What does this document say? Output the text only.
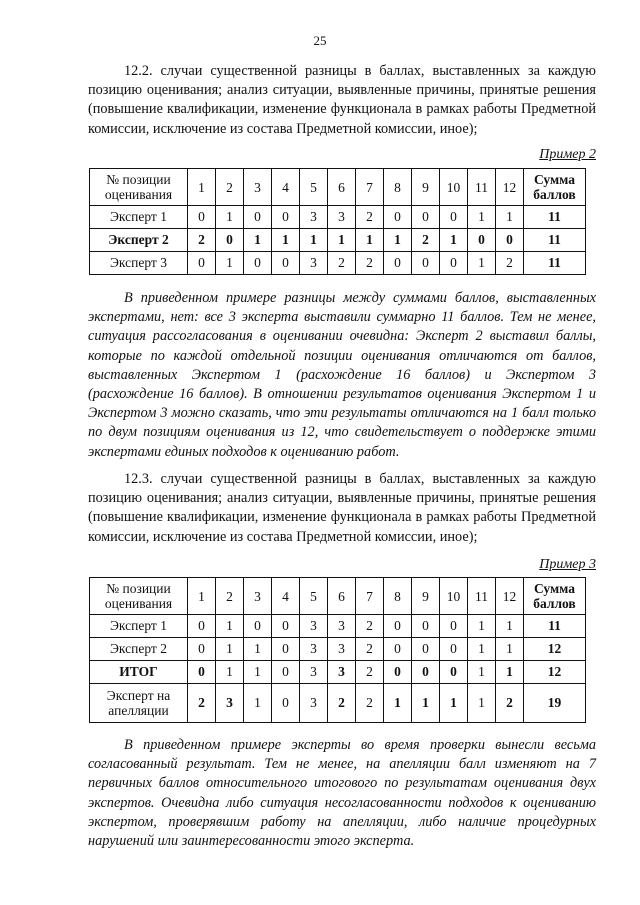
25

12.2. случаи существенной разницы в баллах, выставленных за каждую позицию оценивания; анализ ситуации, выявленные причины, принятые решения (повышение квалификации, изменение функционала в рамках работы Предметной комиссии, исключение из состава Предметной комиссии, иное);

Пример 2
№ позиции оценивания	1	2	3	4	5	6	7	8	9	10	11	12	Сумма баллов
Эксперт 1	0	1	0	0	3	3	2	0	0	0	1	1	11
Эксперт 2	2	0	1	1	1	1	1	1	2	1	0	0	11
Эксперт 3	0	1	0	0	3	2	2	0	0	0	1	2	11

В приведенном примере разницы между суммами баллов, выставленных экспертами, нет: все 3 эксперта выставили суммарно 11 баллов. Тем не менее, ситуация рассогласования в оценивании очевидна: Эксперт 2 выставил баллы, которые по каждой отдельной позиции оценивания отличаются от баллов, выставленных Экспертом 1 (расхождение 16 баллов) и Экспертом 3 (расхождение 16 баллов). В отношении результатов оценивания Экспертом 1 и Экспертом 3 можно сказать, что эти результаты отличаются на 1 балл только по двум позициям оценивания из 12, что свидетельствует о поддержке этими экспертами единых подходов к оцениванию работ.

12.3. случаи существенной разницы в баллах, выставленных за каждую позицию оценивания; анализ ситуации, выявленные причины, принятые решения (повышение квалификации, изменение функционала в рамках работы Предметной комиссии, исключение из состава Предметной комиссии, иное);

Пример 3
№ позиции оценивания	1	2	3	4	5	6	7	8	9	10	11	12	Сумма баллов
Эксперт 1	0	1	0	0	3	3	2	0	0	0	1	1	11
Эксперт 2	0	1	1	0	3	3	2	0	0	0	1	1	12
ИТОГ	0	1	1	0	3	3	2	0	0	0	1	1	12
Эксперт на апелляции	2	3	1	0	3	2	2	1	1	1	1	2	19

В приведенном примере эксперты во время проверки вынесли весьма согласованный результат. Тем не менее, на апелляции балл изменяют на 7 первичных баллов относительного итогового по результатам оценивания двух экспертов. Очевидна либо ситуация несогласованности подходов к оцениванию экспертом, проверявшим работу на апелляции, либо наличие процедурных нарушений или заинтересованности этого эксперта.
